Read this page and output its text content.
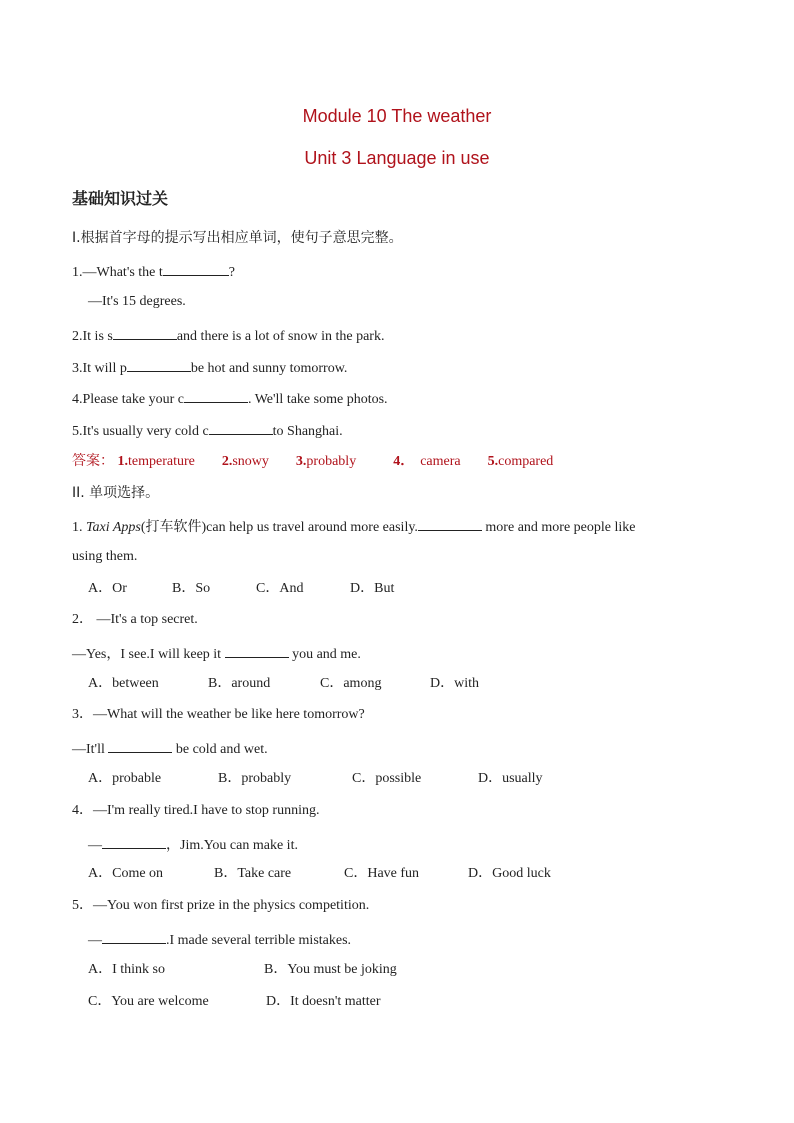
Module 10 The weather
Unit 3 Language in use
基础知识过关
I.根据首字母的提示写出相应单词，使句子意思完整。
1.—What's the t	?
—It's 15 degrees.
2.It is s	and there is a lot of snow in the park.
3.It will p	be hot and sunny tomorrow.
4.Please take your c	. We'll take some photos.
5.It's usually very cold c	to Shanghai.
答案： 1.temperature 2.snowy 3.probably	4． camera 5.compared
II. 单项选择。
1. Taxi Apps(打车软件)can help us travel around more easily.	more and more people like
using them.
A．Or	B．So	C．And	D．But
2． —It's a top secret.
—Yes，I see.I will keep it	you and me.
A．between	B．around	C．among	D．with
3．—What will the weather be like here tomorrow?
—It'll	be cold and wet.
A．probable	B．probably	C．possible	D．usually
4．—I'm really tired.I have to stop running.
—	，Jim.You can make it.
A．Come on	B．Take care	C．Have fun	D．Good luck
5．—You won first prize in the physics competition.
—	.I made several terrible mistakes.
A．I think so	B．You must be joking
C．You are welcome	D．It doesn't matter
